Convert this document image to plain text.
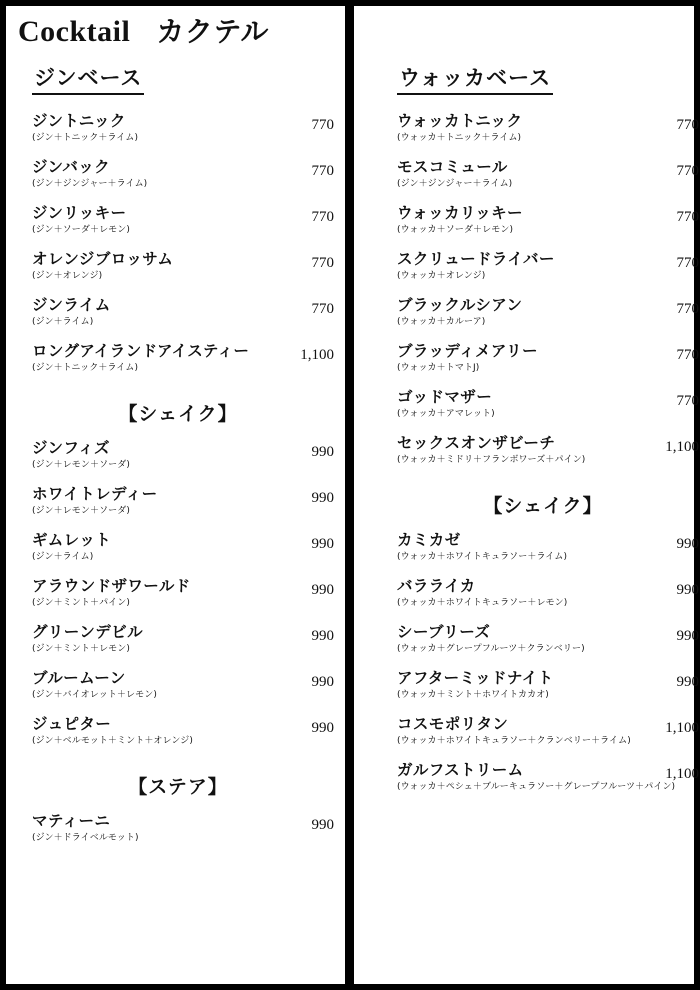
Cocktail カクテル
ジンベース
ジントニック
(ジン＋トニック＋ライム)
770
ジンバック
(ジン＋ジンジャー＋ライム)
770
ジンリッキー
(ジン＋ソーダ＋レモン)
770
オレンジブロッサム
(ジン＋オレンジ)
770
ジンライム
(ジン＋ライム)
770
ロングアイランドアイスティー
(ジン＋トニック＋ライム)
1,100
【シェイク】
ジンフィズ
(ジン＋レモン＋ソーダ)
990
ホワイトレディー
(ジン＋レモン＋ソーダ)
990
ギムレット
(ジン＋ライム)
990
アラウンドザワールド
(ジン＋ミント＋パイン)
990
グリーンデビル
(ジン＋ミント＋レモン)
990
ブルームーン
(ジン＋バイオレット＋レモン)
990
ジュピター
(ジン＋ベルモット＋ミント＋オレンジ)
990
【ステア】
マティーニ
(ジン＋ドライベルモット)
990
ウォッカベース
ウォッカトニック
(ウォッカ＋トニック＋ライム)
770
モスコミュール
(ジン＋ジンジャー＋ライム)
770
ウォッカリッキー
(ウォッカ＋ソーダ＋レモン)
770
スクリュードライバー
(ウォッカ＋オレンジ)
770
ブラックルシアン
(ウォッカ＋カルーア)
770
ブラッディメアリー
(ウォッカ＋トマトJ)
770
ゴッドマザー
(ウォッカ＋アマレット)
770
セックスオンザビーチ
(ウォッカ＋ミドリ＋フランボワーズ＋パイン)
1,100
【シェイク】
カミカゼ
(ウォッカ＋ホワイトキュラソー＋ライム)
990
バラライカ
(ウォッカ＋ホワイトキュラソー＋レモン)
990
シーブリーズ
(ウォッカ＋グレープフルーツ＋クランベリー)
990
アフターミッドナイト
(ウォッカ＋ミント＋ホワイトカカオ)
990
コスモポリタン
(ウォッカ＋ホワイトキュラソー＋クランベリー＋ライム)
1,100
ガルフストリーム
(ウォッカ＋ペシェ＋ブルーキュラソー＋グレープフルーツ＋パイン)
1,100
